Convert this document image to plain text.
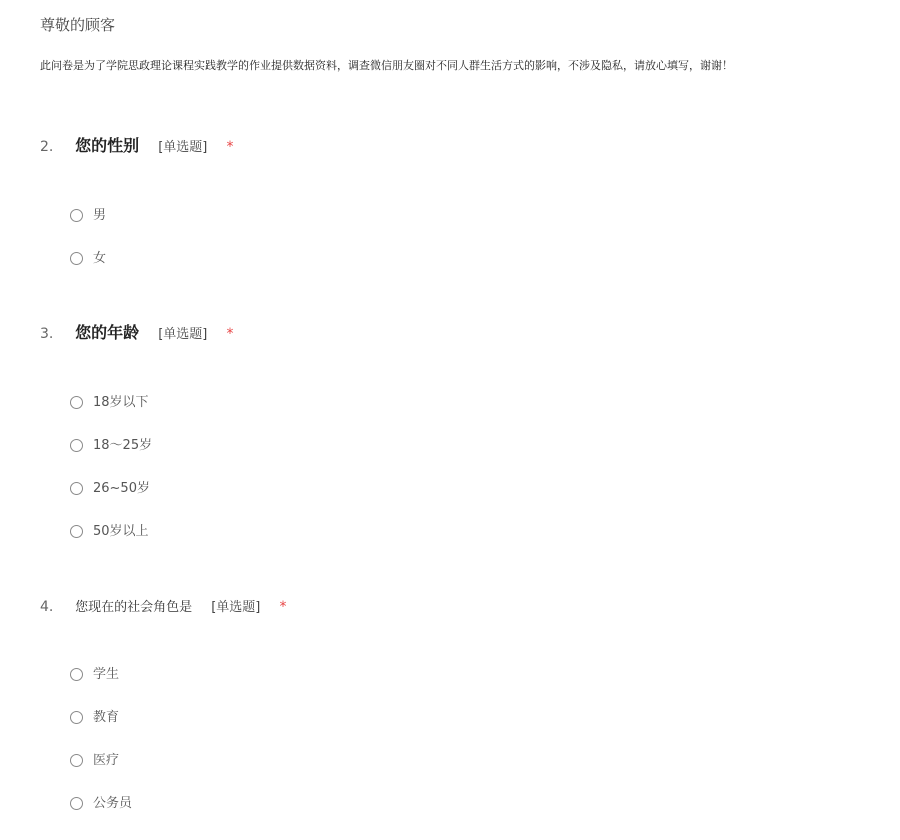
尊敬的顾客
此问卷是为了学院思政理论课程实践教学的作业提供数据资料，调查微信朋友圈对不同人群生活方式的影响，不涉及隐私，请放心填写，谢谢！
2. 您的性别 [单选题] *
男
女
3. 您的年龄 [单选题] *
18岁以下
18～25岁
26~50岁
50岁以上
4. 您现在的社会角色是 [单选题] *
学生
教育
医疗
公务员
